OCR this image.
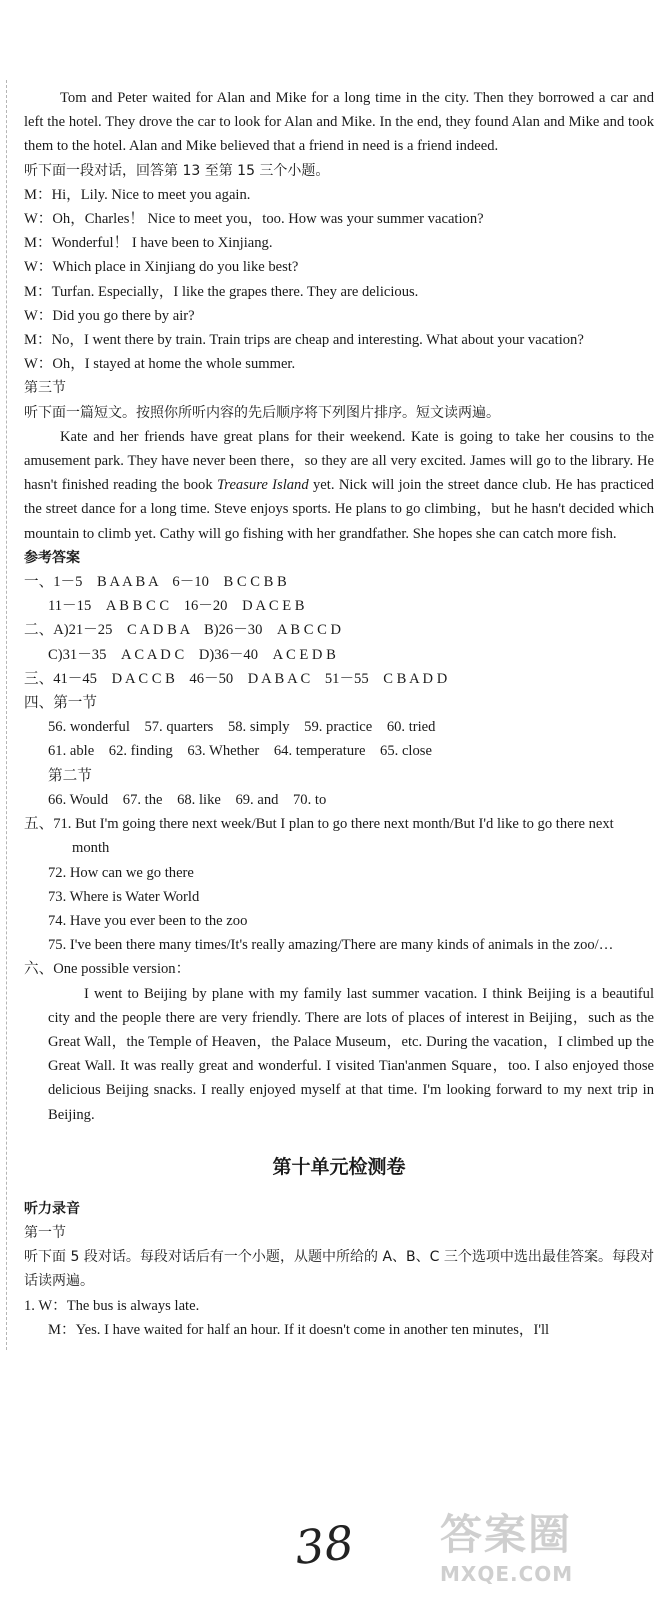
Tom and Peter waited for Alan and Mike for a long time in the city. Then they borrowed a car and left the hotel. They drove the car to look for Alan and Mike. In the end, they found Alan and Mike and took them to the hotel. Alan and Mike believed that a friend in need is a friend indeed.

听下面一段对话，回答第 13 至第 15 三个小题。

M：Hi，Lily. Nice to meet you again.

W：Oh，Charles！ Nice to meet you，too. How was your summer vacation?

M：Wonderful！ I have been to Xinjiang.

W：Which place in Xinjiang do you like best?

M：Turfan. Especially，I like the grapes there. They are delicious.

W：Did you go there by air?

M：No，I went there by train. Train trips are cheap and interesting. What about your vacation?

W：Oh，I stayed at home the whole summer.

第三节

听下面一篇短文。按照你所听内容的先后顺序将下列图片排序。短文读两遍。

Kate and her friends have great plans for their weekend. Kate is going to take her cousins to the amusement park. They have never been there，so they are all very excited. James will go to the library. He hasn't finished reading the book Treasure Island yet. Nick will join the street dance club. He has practiced the street dance for a long time. Steve enjoys sports. He plans to go climbing，but he hasn't decided which mountain to climb yet. Cathy will go fishing with her grandfather. She hopes she can catch more fish.

参考答案

一、1－5　B A A B A　6－10　B C C B B

11－15　A B B C C　16－20　D A C E B

二、A)21－25　C A D B A　B)26－30　A B C C D

C)31－35　A C A D C　D)36－40　A C E D B

三、41－45　D A C C B　46－50　D A B A C　51－55　C B A D D

四、第一节

56. wonderful　57. quarters　58. simply　59. practice　60. tried

61. able　62. finding　63. Whether　64. temperature　65. close

第二节

66. Would　67. the　68. like　69. and　70. to

五、71. But I'm going there next week/But I plan to go there next month/But I'd like to go there next month

72. How can we go there

73. Where is Water World

74. Have you ever been to the zoo

75. I've been there many times/It's really amazing/There are many kinds of animals in the zoo/…

六、One possible version：

I went to Beijing by plane with my family last summer vacation. I think Beijing is a beautiful city and the people there are very friendly. There are lots of places of interest in Beijing，such as the Great Wall，the Temple of Heaven，the Palace Museum，etc. During the vacation，I climbed up the Great Wall. It was really great and wonderful. I visited Tian'anmen Square，too. I also enjoyed those delicious Beijing snacks. I really enjoyed myself at that time. I'm looking forward to my next trip in Beijing.

第十单元检测卷

听力录音

第一节

听下面 5 段对话。每段对话后有一个小题，从题中所给的 A、B、C 三个选项中选出最佳答案。每段对话读两遍。

1. W：The bus is always late.

M：Yes. I have waited for half an hour. If it doesn't come in another ten minutes，I'll

38 答案圈
MXQE.COM
